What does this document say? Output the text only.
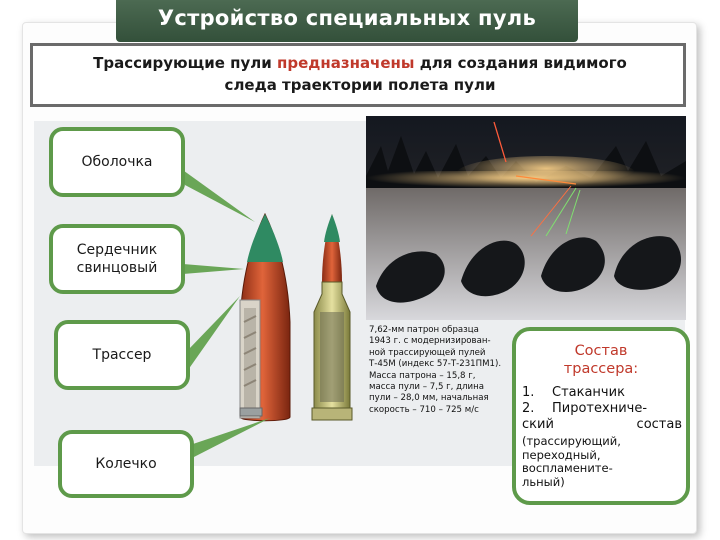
Устройство специальных пуль
Трассирующие пули предназначены для создания видимого
следа траектории полета пули
Оболочка
Сердечник
свинцовый
Трассер
Колечко
7,62-мм патрон образца
1943 г. с модернизирован-
ной трассирующей пулей
Т-45М (индекс 57-Т-231ПМ1).
Масса патрона – 15,8 г,
масса пули – 7,5 г, длина
пули – 28,0 мм, начальная
скорость – 710 – 725 м/с
Состав
трассера:
1.	Стаканчик
2.	Пиротехниче-
ский	состав
(трассирующий,
переходный,
воспламените-
льный)
